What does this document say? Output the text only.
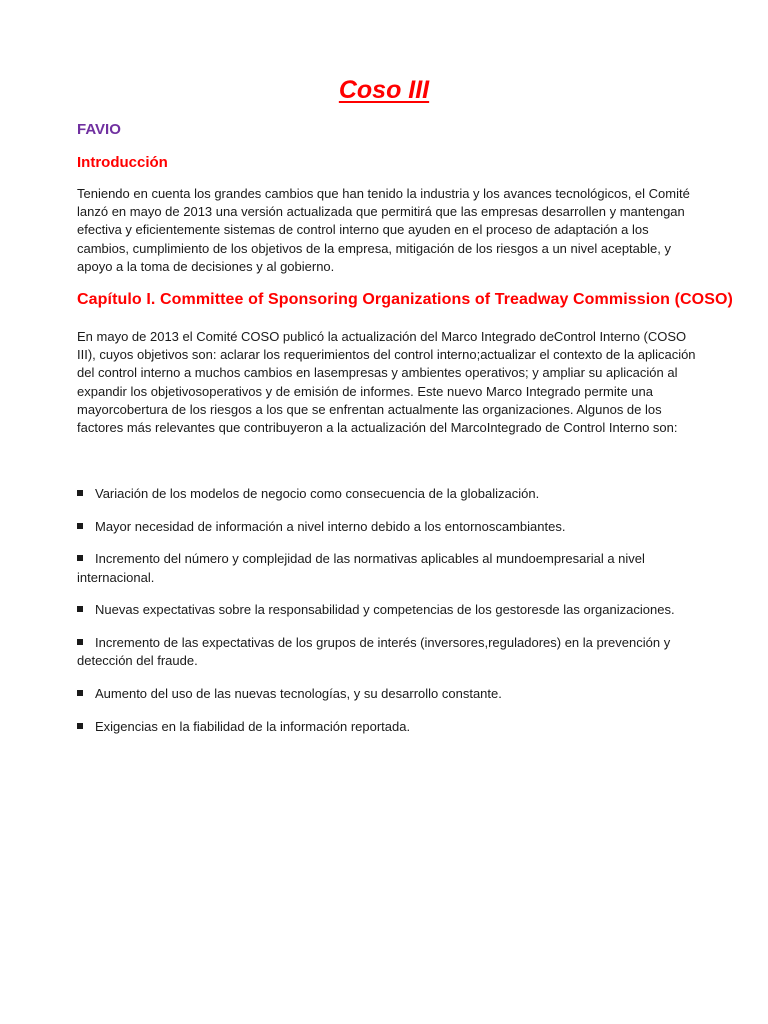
Coso III
FAVIO
Introducción
Teniendo en cuenta los grandes cambios que han tenido la industria y los avances tecnológicos, el Comité lanzó en mayo de 2013 una versión actualizada que permitirá que las empresas desarrollen y mantengan efectiva y eficientemente sistemas de control interno que ayuden en el proceso de adaptación a los cambios, cumplimiento de los objetivos de la empresa, mitigación de los riesgos a un nivel aceptable, y apoyo a la toma de decisiones y al gobierno.
Capítulo I. Committee of Sponsoring Organizations of Treadway Commission (COSO)
En mayo de 2013 el Comité COSO publicó la actualización del Marco Integrado deControl Interno (COSO III), cuyos objetivos son: aclarar los requerimientos del control interno;actualizar el contexto de la aplicación del control interno a muchos cambios en lasempresas y ambientes operativos; y ampliar su aplicación al expandir los objetivosoperativos y de emisión de informes. Este nuevo Marco Integrado permite una mayorcobertura de los riesgos a los que se enfrentan actualmente las organizaciones. Algunos de los factores más relevantes que contribuyeron a la actualización del MarcoIntegrado de Control Interno son:
Variación de los modelos de negocio como consecuencia de la globalización.
Mayor necesidad de información a nivel interno debido a los entornoscambiantes.
Incremento del número y complejidad de las normativas aplicables al mundoempresarial a nivel internacional.
Nuevas expectativas sobre la responsabilidad y competencias de los gestoresde las organizaciones.
Incremento de las expectativas de los grupos de interés (inversores,reguladores) en la prevención y detección del fraude.
Aumento del uso de las nuevas tecnologías, y su desarrollo constante.
Exigencias en la fiabilidad de la información reportada.
